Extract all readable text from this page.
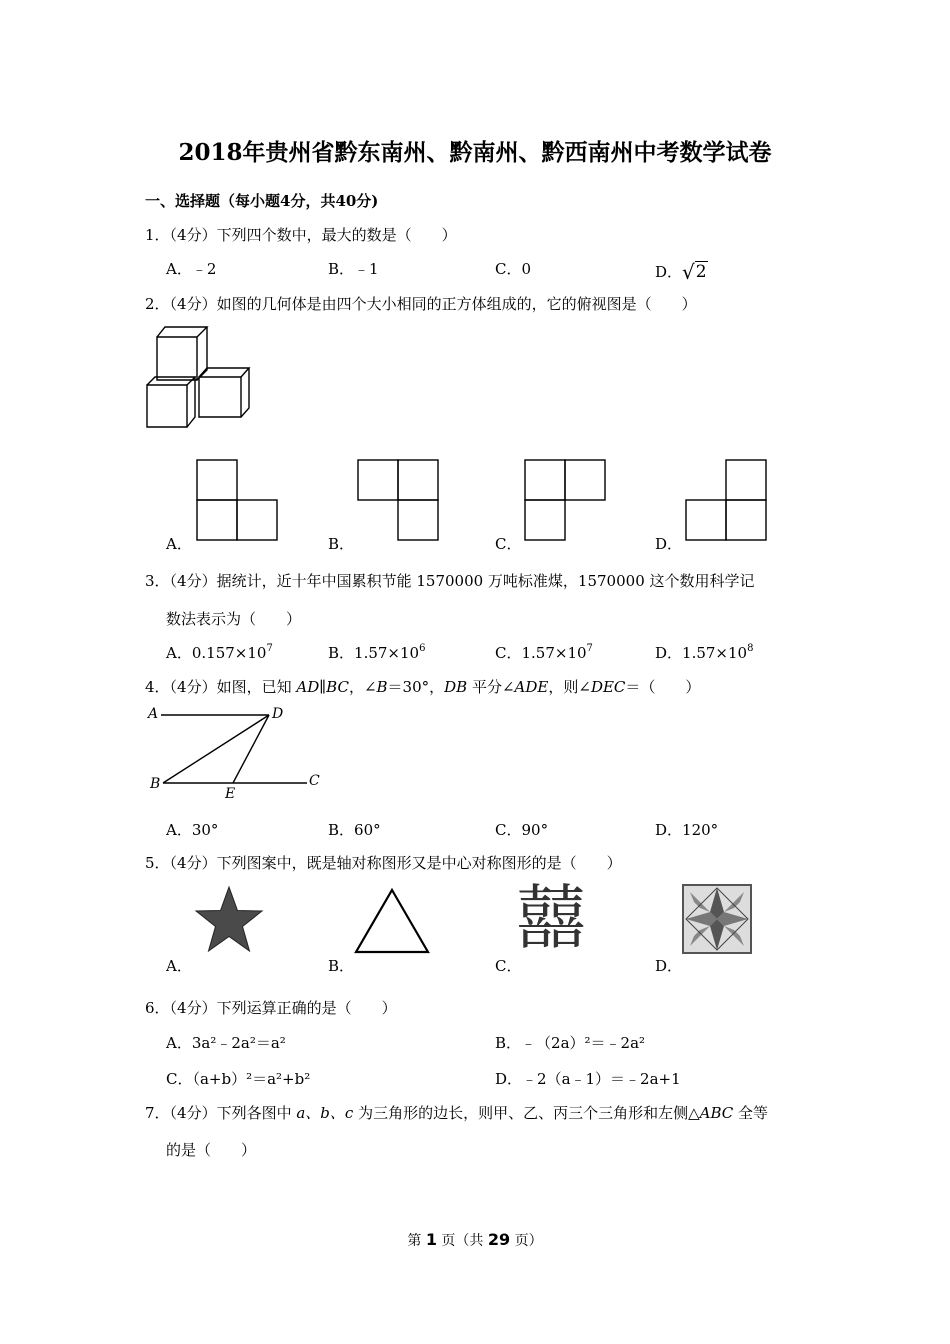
2018年贵州省黔东南州、黔南州、黔西南州中考数学试卷
一、选择题（每小题4分，共40分)
1．（4分）下列四个数中，最大的数是（　　）
A．﹣2	B．﹣1	C．0	D．√2
2．（4分）如图的几何体是由四个大小相同的正方体组成的，它的俯视图是（　　）
A．	B．	C．	D．
3．（4分）据统计，近十年中国累积节能 1570000 万吨标准煤，1570000 这个数用科学记
数法表示为（　　）
A．$0.157\times 10^7$	B．$1.57\times 10^6$	C．$1.57\times 10^7$	D．$1.57\times 10^8$
4．（4分）如图，已知 AD∥BC，∠B＝30°，DB 平分∠ADE，则∠DEC＝（　　）
A	D
B
E
C
A．30°	B．60°	C．90°	D．120°
5．（4分）下列图案中，既是轴对称图形又是中心对称图形的是（　　）
囍
A．	B．	C．	D．
6．（4分）下列运算正确的是（　　）
A．3a²﹣2a²＝a²	B．﹣（2a）²＝﹣2a²
C．（a+b）²＝a²+b²	D．﹣2（a﹣1）＝﹣2a+1
7．（4分）下列各图中 a、b、c 为三角形的边长，则甲、乙、丙三个三角形和左侧△ABC 全等
的是（　　）
第 1 页（共 29 页）
